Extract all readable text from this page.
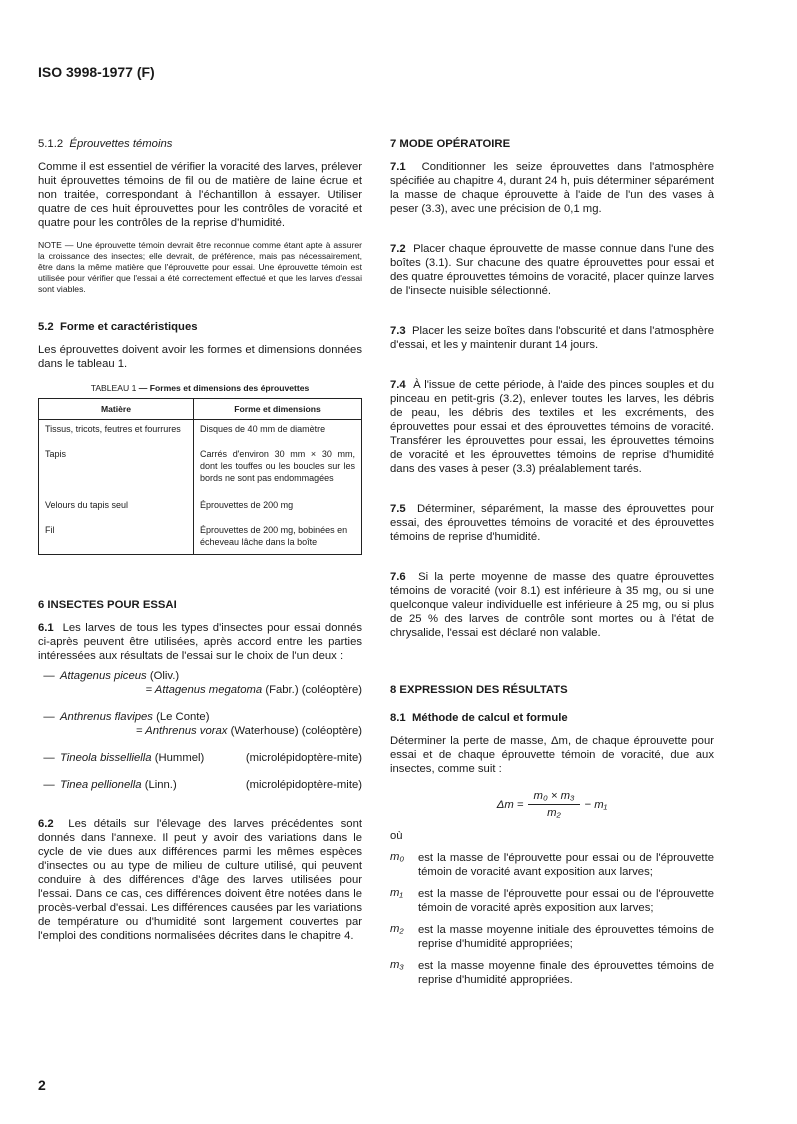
ISO 3998-1977 (F)
5.1.2 Éprouvettes témoins

Comme il est essentiel de vérifier la voracité des larves, prélever huit éprouvettes témoins de fil ou de matière de laine écrue et non traitée, correspondant à l'échantillon à essayer. Utiliser quatre de ces huit éprouvettes pour les contrôles de voracité et quatre pour les contrôles de la reprise d'humidité.

NOTE — Une éprouvette témoin devrait être reconnue comme étant apte à assurer la croissance des insectes; elle devrait, de préférence, mais pas nécessairement, être dans la même matière que l'éprouvette pour essai. Une éprouvette témoin est utilisée pour vérifier que l'essai a été correctement effectué et que les larves d'essai sont viables.

5.2 Forme et caractéristiques

Les éprouvettes doivent avoir les formes et dimensions données dans le tableau 1.

TABLEAU 1 — Formes et dimensions des éprouvettes
Matière	Forme et dimensions
Tissus, tricots, feutres et fourrures	Disques de 40 mm de diamètre
Tapis	Carrés d'environ 30 mm × 30 mm, dont les touffes ou les boucles sur les bords ne sont pas endommagées
Velours du tapis seul	Éprouvettes de 200 mg
Fil	Éprouvettes de 200 mg, bobinées en écheveau lâche dans la boîte
6 INSECTES POUR ESSAI

6.1 Les larves de tous les types d'insectes pour essai donnés ci-après peuvent être utilisées, après accord entre les parties intéressées aux résultats de l'essai sur le choix de l'un deux :

— Attagenus piceus (Oliv.)
= Attagenus megatoma (Fabr.) (coléoptère)
— Anthrenus flavipes (Le Conte)
= Anthrenus vorax (Waterhouse) (coléoptère)
— Tineola bisselliella (Hummel)	(microlépidoptère-mite)
— Tinea pellionella (Linn.)	(microlépidoptère-mite)

6.2 Les détails sur l'élevage des larves précédentes sont donnés dans l'annexe. Il peut y avoir des variations dans le cycle de vie dues aux différences parmi les mêmes espèces d'insectes ou au type de milieu de culture utilisé, qui peuvent conduire à des différences d'âge des larves utilisées pour l'essai. Dans ce cas, ces différences doivent être notées dans le procès-verbal d'essai. Les différences causées par les variations de température ou d'humidité sont largement couvertes par l'emploi des conditions normalisées décrites dans le chapitre 4.

7 MODE OPÉRATOIRE

7.1 Conditionner les seize éprouvettes dans l'atmosphère spécifiée au chapitre 4, durant 24 h, puis déterminer séparément la masse de chaque éprouvette à l'aide de l'un des vases à peser (3.3), avec une précision de 0,1 mg.

7.2 Placer chaque éprouvette de masse connue dans l'une des boîtes (3.1). Sur chacune des quatre éprouvettes pour essai et des quatre éprouvettes témoins de voracité, placer quinze larves de l'insecte nuisible sélectionné.

7.3 Placer les seize boîtes dans l'obscurité et dans l'atmosphère d'essai, et les y maintenir durant 14 jours.

7.4 À l'issue de cette période, à l'aide des pinces souples et du pinceau en petit-gris (3.2), enlever toutes les larves, les débris de peau, les débris des textiles et les excréments, des éprouvettes pour essai et des éprouvettes témoins de voracité. Transférer les éprouvettes pour essai, les éprouvettes témoins de voracité et les éprouvettes témoins de reprise d'humidité dans des vases à peser (3.3) préalablement tarés.

7.5 Déterminer, séparément, la masse des éprouvettes pour essai, des éprouvettes témoins de voracité et des éprouvettes témoins de reprise d'humidité.

7.6 Si la perte moyenne de masse des quatre éprouvettes témoins de voracité (voir 8.1) est inférieure à 35 mg, ou si une quelconque valeur individuelle est inférieure à 25 mg, ou si plus de 25 % des larves de contrôle sont mortes ou à l'état de chrysalide, l'essai est déclaré non valable.

8 EXPRESSION DES RÉSULTATS
8.1 Méthode de calcul et formule

Déterminer la perte de masse, Δm, de chaque éprouvette pour essai et de chaque éprouvette témoin de voracité, due aux insectes, comme suit :

$\Delta m = \frac{\text{m₀ × m₃}}{\text{m₂}} - m_1$

où

m₀	est la masse de l'éprouvette pour essai ou de l'éprouvette témoin de voracité avant exposition aux larves;

m₁	est la masse de l'éprouvette pour essai ou de l'éprouvette témoin de voracité après exposition aux larves;

m₂	est la masse moyenne initiale des éprouvettes témoins de reprise d'humidité appropriées;

m₃	est la masse moyenne finale des éprouvettes témoins de reprise d'humidité appropriées.

2
